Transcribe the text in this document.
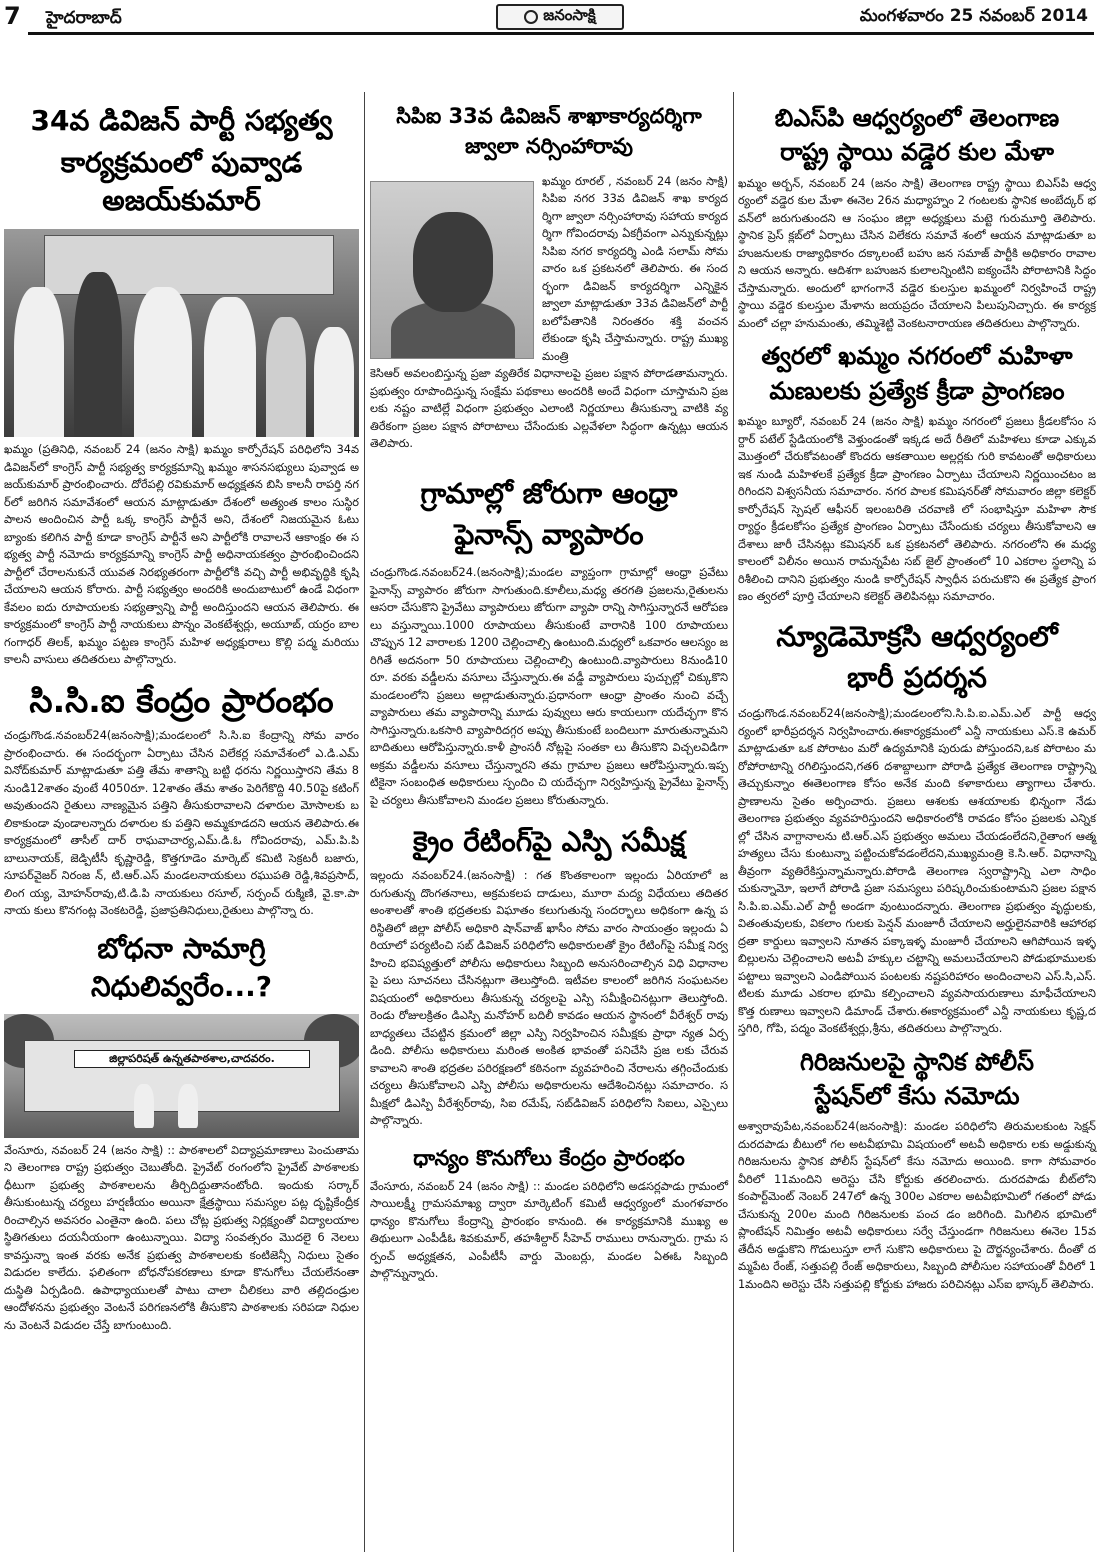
7 హైదరాబాద్	జనంసాక్షి	మంగళవారం 25 నవంబర్ 2014
34వ డివిజన్ పార్టీ సభ్యత్వ
కార్యక్రమంలో పువ్వాడ అజయ్‌కుమార్

ఖమ్మం (ప్రతినిధి, నవంబర్ 24 (జనం సాక్షి) ఖమ్మం కార్పోరేషన్ పరిధిలోని 34వ డివిజన్‌లో కాంగ్రెస్ పార్టీ సభ్యత్వ కార్యక్రమాన్ని ఖమ్మం శాసనసభ్యులు పువ్వాడ అజయ్‌కుమార్ ప్రారంభించారు. దోరేపల్లి రవికుమార్ అధ్యక్షతన బిసి కాలనీ రాపర్తి నగర్‌లో జరిగిన సమావేశంలో ఆయన మాట్లాడుతూ దేశంలో అత్యంత కాలం సుస్థిర పాలన అందించిన పార్టీ ఒక్క కాంగ్రెస్ పార్టీనే అని, దేశంలో నిజయమైన ఓటు బ్యాంకు కలిగిన పార్టీ కూడా కాంగ్రెస్ పార్టీనే అని పార్టీలోకి రావాలనే ఆకాంక్షం ఈ సభ్యత్వ పార్టీ నమోదు కార్యక్రమాన్ని కాంగ్రెస్ పార్టీ అధినాయకత్వం ప్రారంభించిందని పార్టీలో చేరాలనుకునే యువత నిరభ్యతరంగా పార్టీలోకి వచ్చి పార్టీ అభివృద్ధికి కృషి చేయాలని ఆయన కోరారు. పార్టీ సభ్యత్వం అందరికి అందుబాటులో ఉండే విధంగా కేవలం ఐదు రూపాయలకు సభ్యత్వాన్ని పార్టీ అందిస్తుందని ఆయన తెలిపారు. ఈ కార్యక్రమంలో కాంగ్రెస్ పార్టీ నాయకులు పొన్నం వెంకటేశ్వర్లు, అయూబ్, యర్రం బాలగంగాధర్ తిలక్, ఖమ్మం పట్టణ కాంగ్రెస్ మహిళ అధ్యక్షురాలు కొల్లి పద్మ మరియు కాలనీ వాసులు తదితరులు పాల్గొన్నారు.

సి.సి.ఐ కేంద్రం ప్రారంభం

చండ్రుగొండ.నవంబర్24(జనంసాక్షి);మండలంలో సి.సి.ఐ కేంద్రాన్ని సోమ వారం ప్రారంభించారు. ఈ సందర్భంగా ఏర్పాటు చేసిన విలేకర్ల సమావేశంలో ఎ.డి.ఎమ్ వినోద్‌కుమార్ మాట్లాడుతూ పత్తి తేమ శాతాన్ని బట్టి ధరను నిర్ణయిస్తారని తేమ 8నుండి12శాతం వుంటే 4050రూ. 12శాతం తేమ శాతం పెరిగేకొద్ది 40.50పై కటింగ్ అవుతుందని రైతులు నాణ్యమైన పత్తిని తీసుకురావాలని దళారుల మోసాలకు బలికాకుండా వుండాలన్నారు దళారుల కు పత్తిని అమ్మకూడదని ఆయన తెలిపారు.ఈకార్యక్రమంలో తాసీల్ దార్ రాఘవాచార్య,ఎమ్.డి.ఓ గోవిందరావు, ఎమ్.పి.పి బాలునాయక్, జెడ్పిటీసీ కృష్ణారెడ్డి, కొత్తగూడెం మార్కెట్ కమిటి సెక్రటరీ బజారు, సూపర్‌వైజర్ నిరంజ న్, టి.ఆర్.ఎస్ మండలనాయకులు రఘుపతి రెడ్డి,శివప్రసాద్, లింగ య్య, మోహన్‌రావు,టి.డి.పి నాయకులు రసూల్, సర్పంచ్ రుక్మిణి, వై.కా.పా నాయ కులు కొనగంట్ల వెంకటరెడ్డి, ప్రజాప్రతినిధులు,రైతులు పాల్గొన్నా రు.

బోధనా సామాగ్రి నిధులివ్వరేం...?
జిల్లాపరిషత్ ఉన్నతపాఠశాల,చాదవరం.

వేంసూరు, నవంబర్ 24 (జనం సాక్షి) :: పాఠశాలలో విద్యాప్రమాణాలు పెంచుతామని తెలంగాణ రాష్ట్ర ప్రభుత్వం చెబుతోంది. ప్రైవేట్ రంగంలోని ప్రైవేట్ పాఠశాలకు ధీటుగా ప్రభుత్వ పాఠశాలలను తీర్చిదిద్దుతానంటోంది. ఇందుకు సర్కార్ తీసుకుంటున్న చర్యలు హర్షణీయం అయినా క్షేత్రస్థాయి సమస్యల పట్ల దృష్టికేంద్రీకరించాల్సిన అవసరం ఎంతైనా ఉంది. పలు చోట్ల ప్రభుత్వ నిర్లక్ష్యంతో విద్యాలయాల స్థితిగతులు దయనీయంగా ఉంటున్నాయి. విద్యా సంవత్సరం మొదలై 6 నెలలు కావస్తున్నా ఇంత వరకు అనేక ప్రభుత్వ పాఠశాలలకు కంటిజెన్సీ నిధులు సైతం విడుదల కాలేదు. ఫలితంగా బోధనోపకరణాలు కూడా కొనుగోలు చేయలేనంతా దుస్థితి ఏర్పడింది. ఉపాధ్యాయులతో పాటు చాలా చీలికలు వారి తల్లిదండ్రుల ఆందోళనను ప్రభుత్వం వెంటనే పరిగణనలోకి తీసుకొని పాఠశాలకు సరిపడా నిధులను వెంటనే విడుదల చేస్తే బాగుంటుంది.

సిపిఐ 33వ డివిజన్ శాఖాకార్యదర్శిగా
జ్వాలా నర్సింహారావు

ఖమ్మం రూరల్ , నవంబర్ 24 (జనం సాక్షి) సిపిఐ నగర 33వ డివిజన్ శాఖ కార్యదర్శిగా జ్వాలా నర్సింహారావు సహాయ కార్యదర్శిగా గోవిందరావు ఏకగ్రీవంగా ఎన్నుకున్నట్లు సిపిఐ నగర కార్యదర్శి ఎండి సలామ్ సోమవారం ఒక ప్రకటనలో తెలిపారు. ఈ సందర్భంగా డివిజన్ కార్యదర్శిగా ఎన్నికైన జ్వాలా మాట్లాడుతూ 33వ డివిజన్‌లో పార్టీ బలోపేతానికి నిరంతరం శక్తి వంచన లేకుండా కృషి చేస్తామన్నారు. రాష్ట్ర ముఖ్యమంత్రి

కెసిఆర్ అవలంబిస్తున్న ప్రజా వ్యతిరేక విధానాలపై ప్రజల పక్షాన పోరాడతామన్నారు. ప్రభుత్వం రూపొందిస్తున్న సంక్షేమ పథకాలు అందరికి అందే విధంగా చూస్తామని ప్రజలకు నష్టం వాటిల్లే విధంగా ప్రభుత్వం ఎలాంటి నిర్ణయాలు తీసుకున్నా వాటికి వ్యతిరేకంగా ప్రజల పక్షాన పోరాటాలు చేసేందుకు ఎల్లవేళలా సిద్ధంగా ఉన్నట్లు ఆయన తెలిపారు.

గ్రామాల్లో జోరుగా ఆంధ్రా
ఫైనాన్స్ వ్యాపారం

చండ్రుగొండ.నవంబర్24.(జనంసాక్షి);మండల వ్యాప్తంగా గ్రామాల్లో ఆంధ్రా ప్రవేటు ఫైనాన్స్ వ్యాపారం జోరుగా సాగుతుంది.కూలీలు,మధ్య తరగతి ప్రజలను,రైతులను ఆసరా చేసుకొని ప్రైవేటు వ్యాపారులు జోరుగా వ్యాపా రాన్ని సాగిస్తున్నారనే ఆరోపణలు వస్తున్నాయి.1000 రూపాయలు తీసుకుంటే వారానికి 100 రూపాయలు చొప్పున 12 వారాలకు 1200 చెల్లించాల్సి ఉంటుంది.మధ్యలో ఒకవారం ఆలస్యం జరిగితే అదనంగా 50 రూపాయలు చెల్లించాల్సి ఉంటుంది.వ్యాపారులు 8నుండి10రూ. వరకు వడ్డీలను వసూలు చేస్తున్నారు.ఈ వడ్డీ వ్యాపారులు పుచ్చుల్లో చిక్కుకొని మండలంలోని ప్రజలు అల్లాడుతున్నారు.ప్రధానంగా ఆంధ్రా ప్రాంతం నుంచి వచ్చే వ్యాపారులు తమ వ్యాపారాన్ని మూడు పువ్వులు ఆరు కాయలుగా యదేచ్ఛగా కొనసాగిస్తున్నారు.ఒకసారి వ్యాపారిదగ్గర అప్పు తీసుకుంటే బందిలుగా మారుతున్నామని బాదితులు ఆరోపిస్తున్నారు.కాళీ ప్రాంసరీ నోట్లపై సంతకా లు తీసుకొని విచ్చలవిడిగా అక్రమ వడ్డీలను వసూలు చేస్తున్నారని తమ గ్రామాల ప్రజలు ఆరోపిస్తున్నారు.ఇప్పటికైనా సంబంధిత అధికారులు స్పందిం చి యదేచ్ఛగా నిర్వహిస్తున్న ప్రైవేటు ఫైనాన్స్ పై చర్యలు తీసుకోవాలని మండల ప్రజలు కోరుతున్నారు.

క్రైం రేటింగ్‌పై ఎస్పి సమీక్ష

ఇల్లందు నవంబర్24.(జనంసాక్షి) : గత కొంతకాలంగా ఇల్లందు ఏరియాలో జరుగుతున్న దొంగతనాలు, అక్రమకలప దాడులు, మూరా మద్య విధేయలు తదితర అంశాలతో శాంతి భద్రతలకు విఘాతం కలుగుతున్న సందర్భాలు అధికంగా ఉన్న పరిస్థితిలో జిల్లా పోలీస్ అధికారి షాన్‌వాజ్ ఖాసీం సోమ వారం సాయంత్రం ఇల్లందు ఏరియాలో పర్యటించి సబ్ డివిజన్ పరిధిలోని అధికారులతో క్రైం రేటింగ్‌పై సమీక్ష నిర్వహించి భవిష్యత్తులో పోలీసు అధికారులు సిబ్బంది అనుసరించాల్సిన విధి విధానాలపై పలు సూచనలు చేసినట్లుగా తెలుస్తోంది. ఇటీవల కాలంలో జరిగిన సంఘటనల విషయంలో అధికారులు తీసుకున్న చర్యలపై ఎస్పి సమీక్షించినట్లుగా తెలుస్తోంది. రెండు రోజులక్రితం డిఎస్పి మనోహర్ బదిలీ కావడం ఆయన స్థానంలో వీరేశ్వర్ రావు బాధ్యతలు చేపట్టిన క్రమంలో జిల్లా ఎస్పి నిర్వహించిన సమీక్షకు ప్రాధా న్యత ఏర్పడింది. పోలీసు అధికారులు మరింత అంకిత భావంతో పనిచేసి ప్రజ లకు చేరువ కావాలని శాంతి భద్రతల పరిరక్షణలో కఠినంగా వ్యవహరించి నేరాలను తగ్గించేందుకు చర్యలు తీసుకోవాలని ఎస్పి పోలీసు అధికారులను ఆదేశించినట్లు సమాచారం. సమీక్షలో డిఎస్పి వీరేశ్వర్‌రావు, సిఐ రమేష్, సబ్‌డివిజన్ పరిధిలోని సిఐలు, ఎస్సైలు పాల్గొన్నారు.

ధాన్యం కొనుగోలు కేంద్రం ప్రారంభం

వేంసూరు, నవంబర్ 24 (జనం సాక్షి) :: మండల పరిధిలోని అడసర్లపాడు గ్రామంలో సాయిలక్ష్మీ గ్రామసమాఖ్య ద్వారా మార్కెటింగ్ కమిటీ ఆధ్వర్యంలో మంగళవారం ధాన్యం కొనుగోలు కేంద్రాన్ని ప్రారంభం కానుంది. ఈ కార్యక్రమానికి ముఖ్య అతిథులుగా ఎంపీడీఓ శివకుమార్, తహశీల్దార్ సీహెచ్ రాములు రానున్నారు. గ్రామ సర్పంచ్ అధ్యక్షతన, ఎంపీటీసీ వార్డు మెంబర్లు, మండల ఏఈఓ సిబ్బంది పాల్గొన్నున్నారు.

బిఎస్‌పి ఆధ్వర్యంలో తెలంగాణ
రాష్ట్ర స్థాయి వడ్డెర కుల మేళా

ఖమ్మం అర్బన్, నవంబర్ 24 (జనం సాక్షి) తెలంగాణ రాష్ట్ర స్థాయి బిఎస్‌పి ఆధ్వర్యంలో వడ్డెర కుల మేళా ఈనెల 26న మధ్యాహ్నం 2 గంటలకు స్థానిక అంబేద్కర్ భవన్‌లో జరుగుతుందని ఆ సంఘం జిల్లా అధ్యక్షులు మట్టె గురుమూర్తి తెలిపారు. స్థానిక ప్రెస్ క్లబ్‌లో ఏర్పాటు చేసిన విలేకరు సమావే శంలో ఆయన మాట్లాడుతూ బహుజనులకు రాజ్యాధికారం దక్కాలంటే బహు జన సమాజ్ పార్టీకి అధికారం రావాలని ఆయన అన్నారు. ఆదిశగా బహుజన కులాలన్నింటిని ఐక్యంచేసి పోరాటానికి సిద్ధం చేస్తామన్నారు. అందులో భాగంగానే వడ్డెర కులస్తుల ఖమ్మంలో నిర్వహించే రాష్ట్రస్థాయి వడ్డెర కులస్తుల మేళాను జయప్రదం చేయాలని పిలుపునిచ్చారు. ఈ కార్యక్రమంలో చల్లా హనుమంతు, తమ్మిశెట్టి వెంకటనారాయణ తదితరులు పాల్గొన్నారు.

త్వరలో ఖమ్మం నగరంలో మహిళా
మణులకు ప్రత్యేక క్రీడా ప్రాంగణం

ఖమ్మం బ్యూరో, నవంబర్ 24 (జనం సాక్షి) ఖమ్మం నగరంలో ప్రజలు క్రీడలకోసం సర్దార్ పటేల్ స్టేడియంలోకి వెళ్తుండంతో ఇక్కడ అదే రీతిలో మహిళలు కూడా ఎక్కువ మొత్తంలో చేరుకోవటంతో కొందరు ఆకతాయిల అల్లర్లకు గురి కావటంతో అధికారులు ఇక నుండి మహిళలకే ప్రత్యేక క్రీడా ప్రాంగణం ఏర్పాటు చేయాలని నిర్ణయించటం జరిగిందని విశ్వసనీయ సమాచారం. నగర పాలక కమిషనర్‌తో సోమవారం జిల్లా కలెక్టర్ కార్పోరేషన్ స్పెషల్ ఆఫీసర్ ఇలంబరితి చరవాణి లో సంభాషిస్తూ మహిళా సౌకర్యార్థం క్రీడలకోసం ప్రత్యేక ప్రాంగణం ఏర్పాటు చేసేందుకు చర్యలు తీసుకోవాలని ఆదేశాలు జారీ చేసినట్లు కమిషనర్ ఒక ప్రకటనలో తెలిపారు. నగరంలోని ఈ మధ్యకాలంలో విలీనం అయిన రామన్నపేట సబ్ జైల్ ప్రాంతంలో 10 ఎకరాల స్థలాన్ని పరిశీలించి దానిని ప్రభుత్వం నుండి కార్పోరేషన్ స్వాధీన పరుచుకొని ఈ ప్రత్యేక ప్రాంగణం త్వరలో పూర్తి చేయాలని కలెక్టర్ తెలిపినట్లు సమాచారం.

న్యూడెమోక్రసి ఆధ్వర్యంలో
భారీ ప్రదర్శన

చండ్రుగొండ.నవంబర్24(జనంసాక్షి);మండలంలోని.సి.పి.ఐ.ఎమ్.ఎల్ పార్టీ ఆధ్వర్యంలో భారీప్రదర్శన నిర్వహించారు.ఈకార్యక్రమంలో ఎన్డీ నాయకులు ఎస్.కె ఉమర్ మాట్లాడుతూ ఒక పోరాటం మరో ఉద్యమానికి పురుడు పోస్తుందని,ఒక పోరాటం మరోపోరాటాన్ని రగిలిస్తుందని,గత6 దశాబ్దాలుగా పోరాడి ప్రత్యేక తెలంగాణ రాష్ట్రాన్ని తెచ్చుకున్నాం ఈతెలంగాణ కోసం అనేక మంది కళాకారులు త్యాగాలు చేశారు.ప్రాణాలను సైతం అర్పించారు. ప్రజలు ఆశలకు ఆశయాలకు భిన్నంగా నేడు తెలంగాణ ప్రభుత్వం వ్యవహరిస్తుందని అధికారంలోకి రావడం కోసం ప్రజలకు ఎన్నికల్లో చేసిన వాగ్దానాలను టి.ఆర్.ఎస్ ప్రభుత్వం అమలు చేయడంలేదని,రైతాంగ ఆత్మహత్యలు చేసు కుంటున్నా పట్టించుకోవడంలేదని,ముఖ్యమంత్రి కె.సి.ఆర్. విధానాన్ని తీవ్రంగా వ్యతిరేకిస్తున్నామన్నారు.పోరాడి తెలంగాణ స్వరాష్ట్రాన్ని ఎలా సాధిం చుకున్నామో, ఇలాగే పోరాడి ప్రజా సమస్యలు పరిష్కరించుకుంటామని ప్రజల పక్షాన సి.పి.ఐ.ఎమ్.ఎల్ పార్టీ అండగా వుంటుందన్నారు. తెలంగాణ ప్రభుత్వం వృద్ధులకు, వితంతువులకు, వికలాం గులకు పెన్షన్ మంజూరీ చేయాలని అర్హులైనవారికి ఆహారభద్రతా కార్డులు ఇవ్వాలని నూతన పక్కాఇళ్ళ మంజూరీ చేయాలని ఆగిపోయిన ఇళ్ళబిల్లులను చెల్లించాలని అటవీ హక్కుల చట్టాన్ని అమలుచేయాలని పోడుభూములకు పట్టాలు ఇవ్వాలని ఎండిపోయిన పంటలకు నష్టపరిహారం అందించాలని ఎస్.సి,ఎస్.టిలకు మూడు ఎకరాల భూమి కల్పించాలని వ్యవసాయరుణాలు మాఫీచేయాలని కొత్త రుణాలు ఇవ్వాలని డిమాండ్ చేశారు.ఈకార్యక్రమంలో ఎన్డీ నాయకులు కృష్ణ,దస్తగిరి, గోపి, పద్మం వెంకటేశ్వర్లు,శ్రీను, తదితరులు పాల్గొన్నారు.

గిరిజనులపై స్థానిక పోలీస్
స్టేషన్‌లో కేసు నమోదు

అశ్వారావుపేట,నవంబర్24(జనంసాక్షి): మండల పరిధిలోని తిరుమలకుంట సెక్షన్ దురదపాడు బీటులో గల అటవీభూమి విషయంలో అటవీ అధికారు లకు అడ్డుకున్న గిరిజనులను స్థానిక పోలీస్ స్టేషన్‌లో కేసు నమోదు అయింది. కాగా సోమవారం వీరిలో 11మందిని అరెస్టు చేసి కోర్టుకు తరలించారు. దురదపాడు బీట్‌లోని కంపార్ట్‌మెంట్ నెంబర్ 247లో ఉన్న 300ల ఎకరాల అటవీభూమిలో గతంలో పోడు చేసుకున్న 200ల మంది గిరిజనులకు పంచ డం జరిగింది. మిగిలిన భూమిలో ప్లాంటేషన్ నిమిత్తం అటవీ అధికారులు సర్వే చేస్తుండగా గిరిజనులు ఈనెల 15వ తేదీన అడ్డుకొని గొడులుస్తూ లాగే సుకొని అధికారులు పై దౌర్జన్యంచేశారు. దీంతో దమ్మపేట రేంజ్, సత్తుపల్లి రేంజ్ అధికారులు, సిబ్బంది పోలీసుల సహాయంతో వీరిలో 11మందిని అరెస్టు చేసి సత్తుపల్లి కోర్టుకు హాజరు పరిచినట్లు ఎస్ఐ భాస్కర్ తెలిపారు.
